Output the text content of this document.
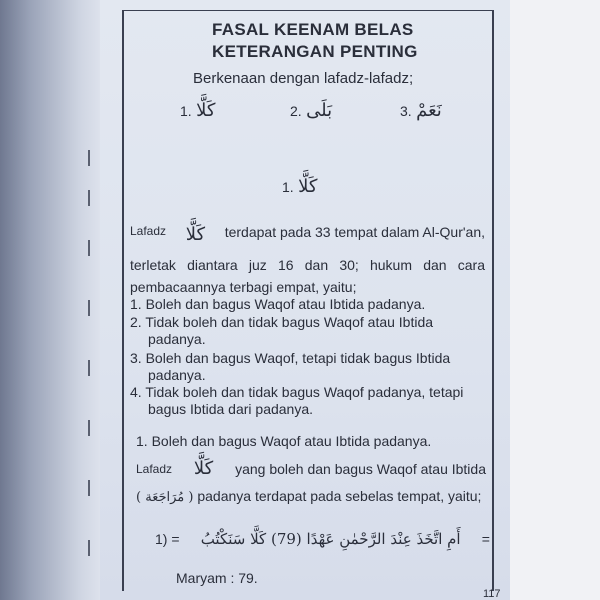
FASAL KEENAM BELAS
KETERANGAN PENTING
Berkenaan dengan lafadz-lafadz;
1. كَلَّا	2. بَلَى	3. نَعَمْ
1. كَلَّا
Lafadz كَلَّا terdapat pada 33 tempat dalam Al-Qur'an,
terletak diantara juz 16 dan 30; hukum dan cara
pembacaannya terbagi empat, yaitu;
1. Boleh dan bagus Waqof atau Ibtida padanya.
2. Tidak boleh dan tidak bagus Waqof atau Ibtida
padanya.
3. Boleh dan bagus Waqof, tetapi tidak bagus Ibtida
padanya.
4. Tidak boleh dan tidak bagus Waqof padanya, tetapi
bagus Ibtida dari padanya.
1. Boleh dan bagus Waqof atau Ibtida padanya.
Lafadz كَلَّا yang boleh dan bagus Waqof atau Ibtida
( مُرَاجَعَة ) padanya terdapat pada sebelas tempat, yaitu;
1) = أَمِ اتَّخَذَ عِنْدَ الرَّحْمٰنِ عَهْدًا (79) كَلَّا سَنَكْتُبُ =
Maryam : 79.
117
